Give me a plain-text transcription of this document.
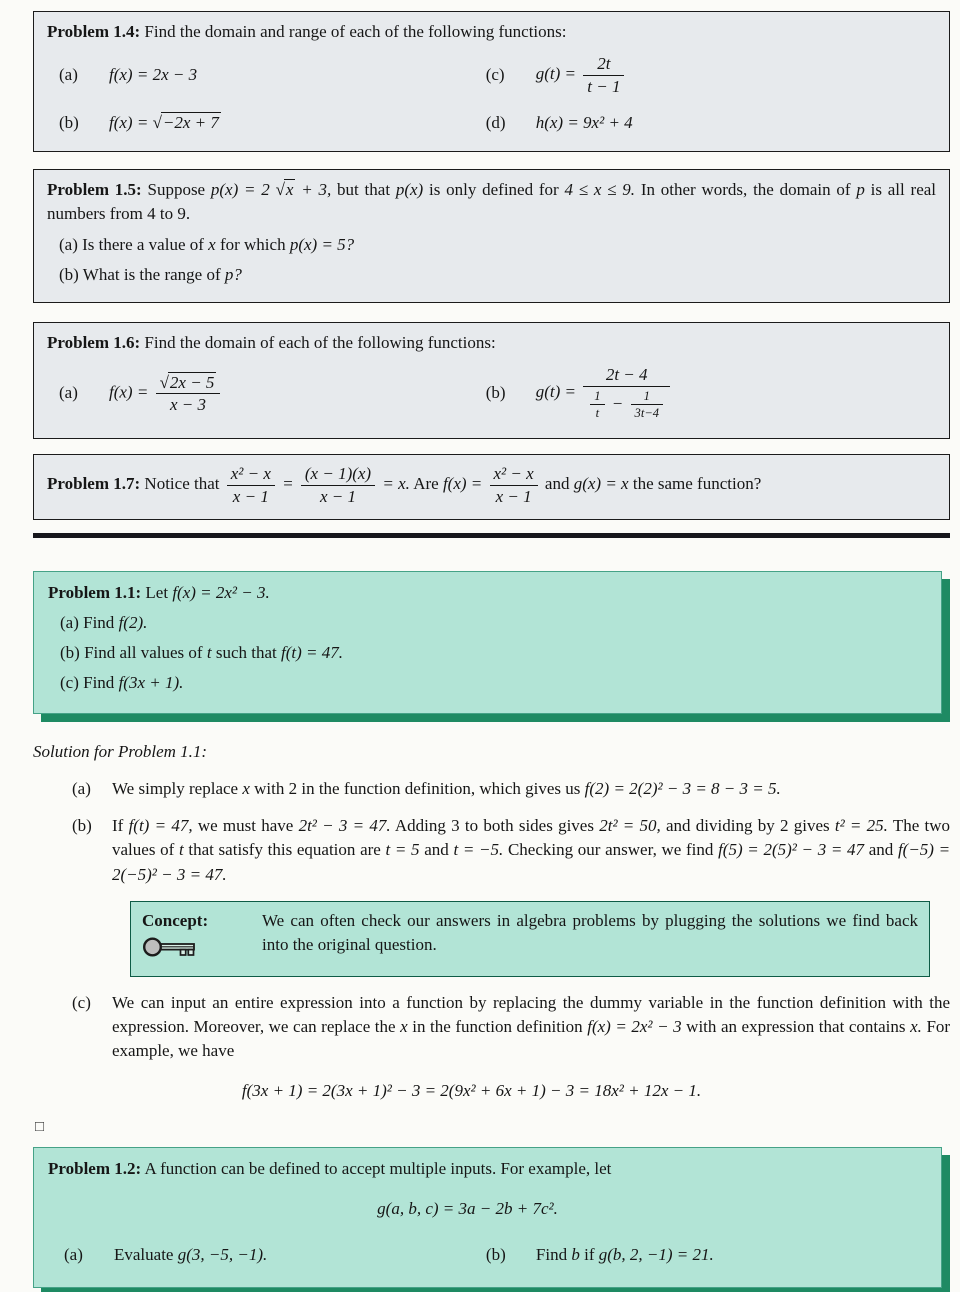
Problem 1.4: Find the domain and range of each of the following functions:
(a)	f(x) = 2x − 3
(b)	f(x) = √−2x + 7
(c)	$g(t) = \frac{2t}{t - 1}$
(d)	h(x) = 9x² + 4
Problem 1.5: Suppose p(x) = 2 √x + 3, but that p(x) is only defined for 4 ≤ x ≤ 9. In other words, the domain of p is all real numbers from 4 to 9.
(a) Is there a value of x for which p(x) = 5?
(b) What is the range of p?
Problem 1.6: Find the domain of each of the following functions:
(a)	$f(x) = \frac{√2x - 5}{x - 3}$	(b)	$g(t) = \frac{2t - 4}{\frac{1}{t} - \frac{1}{3t-4}}$
Problem 1.7: Notice that $\frac{\text{x² − x}}{x - 1} = \frac{(x - 1)(x)}{x - 1} = x$. Are $f(x) = \frac{\text{x² − x}}{x - 1}$ and g(x) = x the same function?
Problem 1.1: Let f(x) = 2x² − 3.
(a) Find f(2).
(b) Find all values of t such that f(t) = 47.
(c) Find f(3x + 1).
Solution for Problem 1.1:
(a)	We simply replace x with 2 in the function definition, which gives us f(2) = 2(2)² − 3 = 8 − 3 = 5.
(b)	If f(t) = 47, we must have 2t² − 3 = 47. Adding 3 to both sides gives 2t² = 50, and dividing by 2 gives t² = 25. The two values of t that satisfy this equation are t = 5 and t = −5. Checking our answer, we find f(5) = 2(5)² − 3 = 47 and f(−5) = 2(−5)² − 3 = 47.
Concept:	We can often check our answers in algebra problems by plugging the solutions we find back into the original question.
(c)	We can input an entire expression into a function by replacing the dummy variable in the function definition with the expression. Moreover, we can replace the x in the function definition f(x) = 2x² − 3 with an expression that contains x. For example, we have
f(3x + 1) = 2(3x + 1)² − 3 = 2(9x² + 6x + 1) − 3 = 18x² + 12x − 1.
□
Problem 1.2: A function can be defined to accept multiple inputs. For example, let
g(a, b, c) = 3a − 2b + 7c².
(a)	Evaluate g(3, −5, −1).	(b)	Find b if g(b, 2, −1) = 21.
